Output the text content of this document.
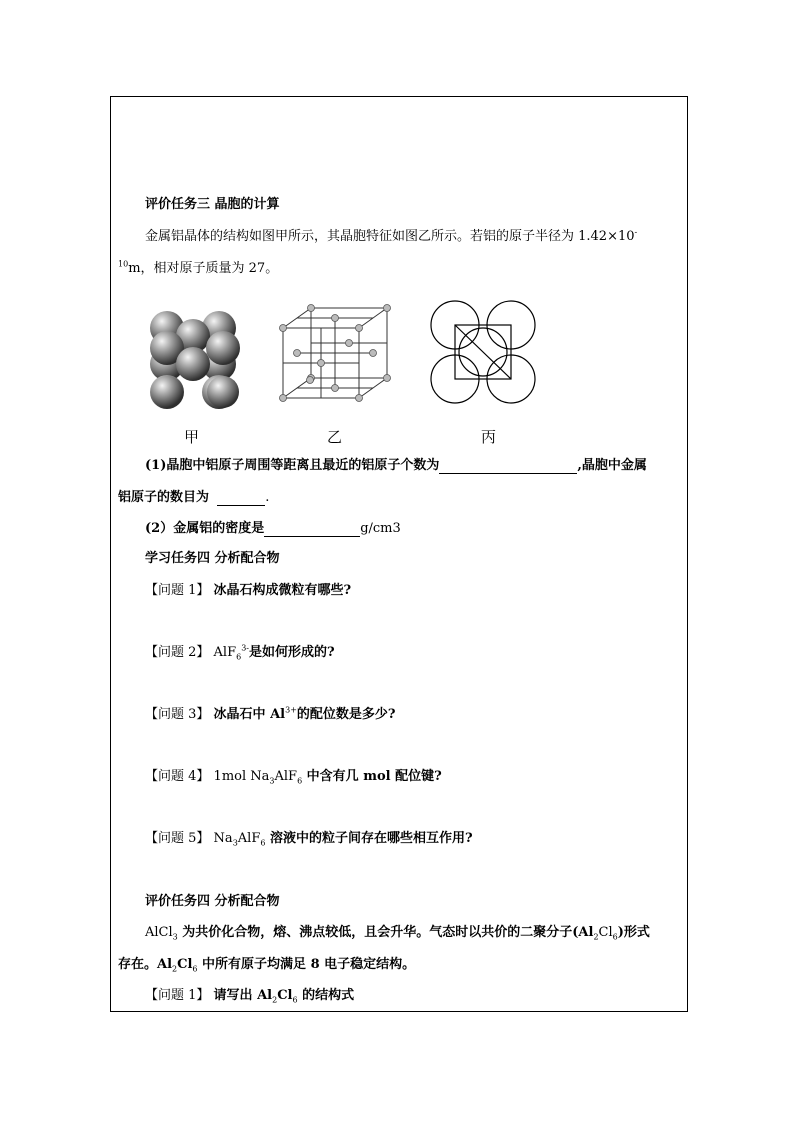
评价任务三 晶胞的计算
金属铝晶体的结构如图甲所示，其晶胞特征如图乙所示。若铝的原子半径为 1.42×10-
$^{10}$m，相对原子质量为 27。
甲	乙	丙
(1)晶胞中铝原子周围等距离且最近的铝原子个数为	,晶胞中金属
铝原子的数目为	.
(2）金属铝的密度是	g/cm3
学习任务四 分析配合物
【问题 1】 冰晶石构成微粒有哪些?
【问题 2】 AlF$_6^{3-}$是如何形成的?
【问题 3】 冰晶石中 $Al^{3+}$的配位数是多少?
【问题 4】 1mol $Na_3AlF_6$ 中含有几 mol 配位键?
【问题 5】 $Na_3AlF_6$ 溶液中的粒子间存在哪些相互作用?
评价任务四 分析配合物
AlCl$_3$ 为共价化合物，熔、沸点较低，且会升华。气态时以共价的二聚分子$(Al_2Cl_6)$形式
存在。$Al_2Cl_6$ 中所有原子均满足 8 电子稳定结构。
【问题 1】 请写出 $Al_2Cl_6$ 的结构式
